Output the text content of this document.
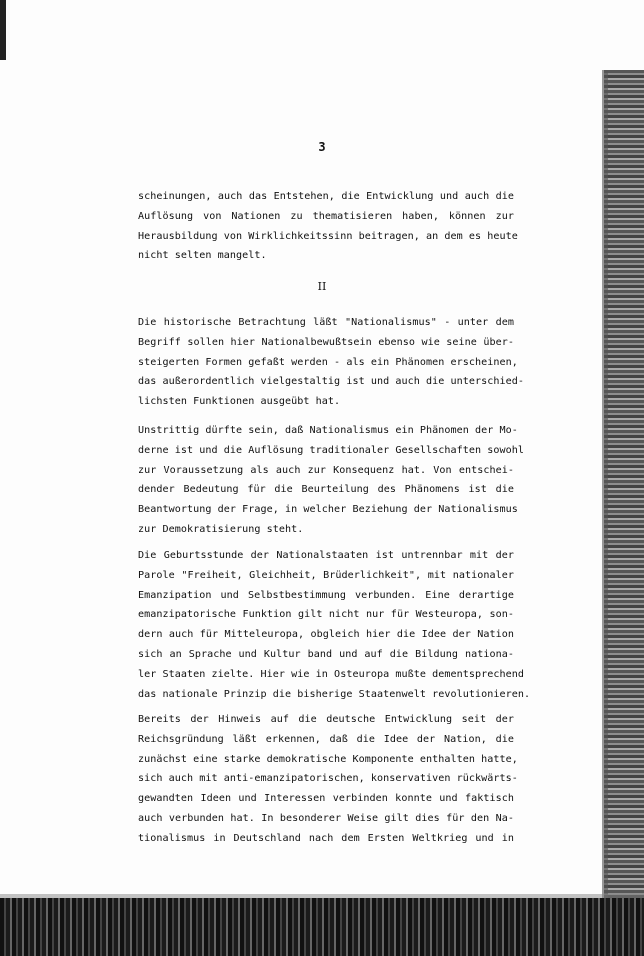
3
scheinungen, auch das Entstehen, die Entwicklung und auch die
Auflösung von Nationen zu thematisieren haben, können zur
Herausbildung von Wirklichkeitssinn beitragen, an dem es heute
nicht selten mangelt.
II
Die historische Betrachtung läßt "Nationalismus" - unter dem
Begriff sollen hier Nationalbewußtsein ebenso wie seine über-
steigerten Formen gefaßt werden - als ein Phänomen erscheinen,
das außerordentlich vielgestaltig ist und auch die unterschied-
lichsten Funktionen ausgeübt hat.
Unstrittig dürfte sein, daß Nationalismus ein Phänomen der Mo-
derne ist und die Auflösung traditionaler Gesellschaften sowohl
zur Voraussetzung als auch zur Konsequenz hat. Von entschei-
dender Bedeutung für die Beurteilung des Phänomens ist die
Beantwortung der Frage, in welcher Beziehung der Nationalismus
zur Demokratisierung steht.
Die Geburtsstunde der Nationalstaaten ist untrennbar mit der
Parole "Freiheit, Gleichheit, Brüderlichkeit", mit nationaler
Emanzipation und Selbstbestimmung verbunden. Eine derartige
emanzipatorische Funktion gilt nicht nur für Westeuropa, son-
dern auch für Mitteleuropa, obgleich hier die Idee der Nation
sich an Sprache und Kultur band und auf die Bildung nationa-
ler Staaten zielte. Hier wie in Osteuropa mußte dementsprechend
das nationale Prinzip die bisherige Staatenwelt revolutionieren.
Bereits der Hinweis auf die deutsche Entwicklung seit der
Reichsgründung läßt erkennen, daß die Idee der Nation, die
zunächst eine starke demokratische Komponente enthalten hatte,
sich auch mit anti-emanzipatorischen, konservativen rückwärts-
gewandten Ideen und Interessen verbinden konnte und faktisch
auch verbunden hat. In besonderer Weise gilt dies für den Na-
tionalismus in Deutschland nach dem Ersten Weltkrieg und in
